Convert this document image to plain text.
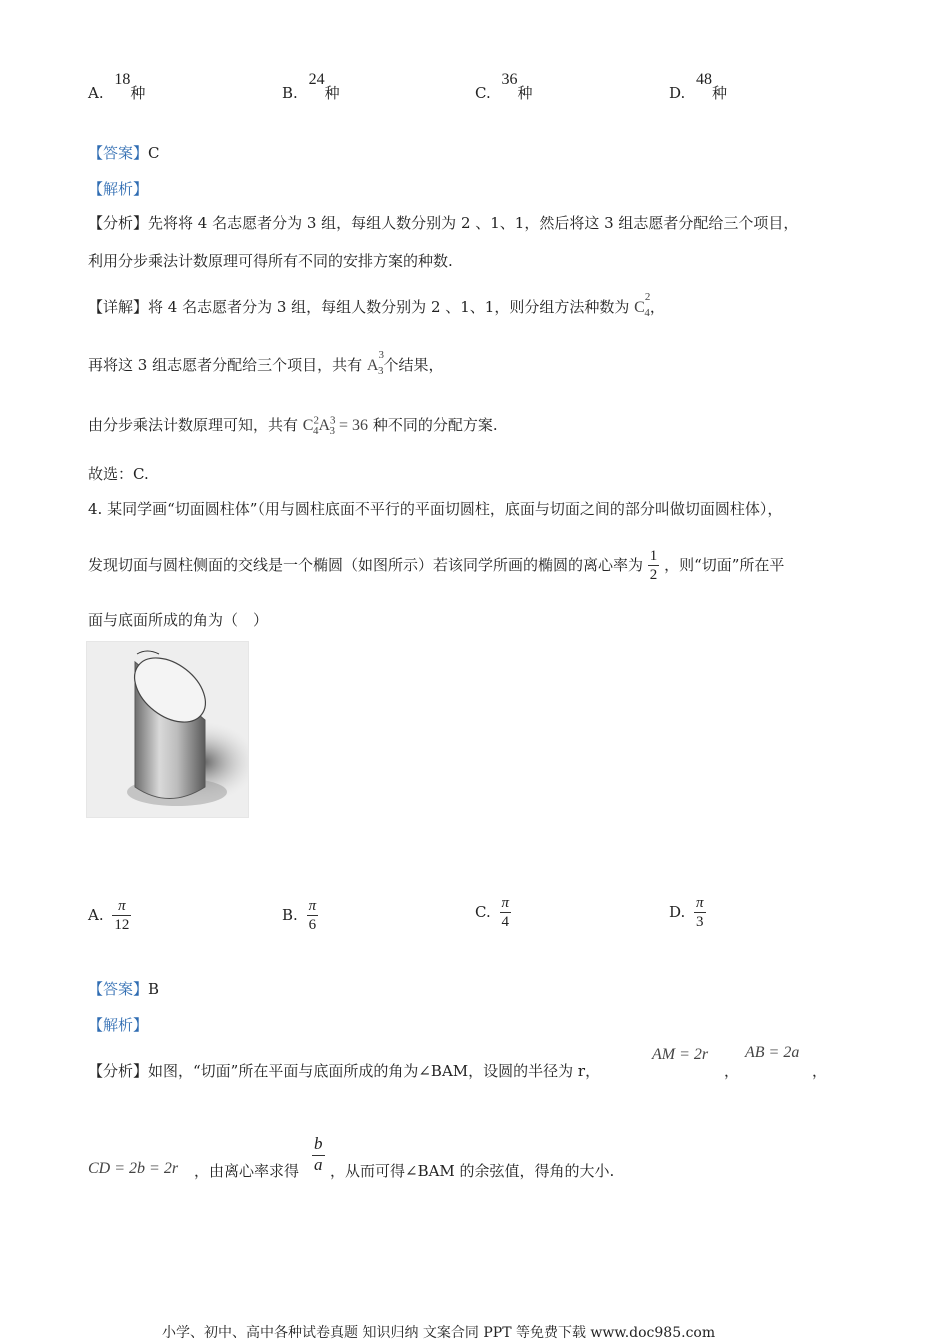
A. 18种	B. 24种	C. 36种	D. 48种
【答案】C
【解析】
【分析】先将将 4 名志愿者分为 3 组，每组人数分别为 2 、1、1，然后将这 3 组志愿者分配给三个项目，
利用分步乘法计数原理可得所有不同的安排方案的种数.
【详解】将 4 名志愿者分为 3 组，每组人数分别为 2 、1、1，则分组方法种数为 $C^2_4$，
再将这 3 组志愿者分配给三个项目，共有 $A^3_3$个结果，
由分步乘法计数原理可知，共有 $C^2_4A^3_3 = 36$ 种不同的分配方案.
故选：C.
4. 某同学画“切面圆柱体”（用与圆柱底面不平行的平面切圆柱，底面与切面之间的部分叫做切面圆柱体），
发现切面与圆柱侧面的交线是一个椭圆（如图所示）若该同学所画的椭圆的离心率为 $\frac{1}{2}$ ，则“切面”所在平
面与底面所成的角为（　）
A. $\frac{\pi}{12}$	B. $\frac{\pi}{6}$	C. $\frac{\pi}{4}$	D. $\frac{\pi}{3}$
【答案】B
【解析】
【分析】如图，“切面”所在平面与底面所成的角为∠BAM，设圆的半径为 r，
AM = 2r
，
AB = 2a
，
CD = 2b = 2r ，由离心率求得 $\frac{b}{a}$ ，从而可得∠BAM 的余弦值，得角的大小.
小学、初中、高中各种试卷真题 知识归纳 文案合同 PPT 等免费下载 www.doc985.com
